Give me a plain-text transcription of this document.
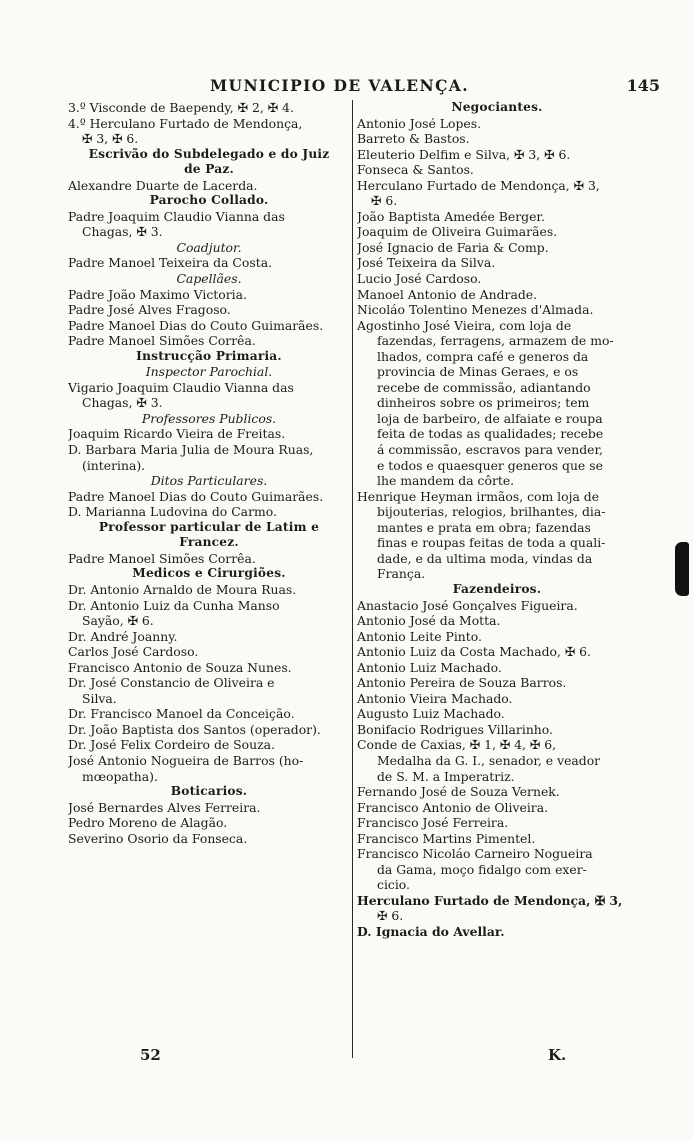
MUNICIPIO DE VALENÇA.	145
3.º Visconde de Baependy, ✠ 2, ✠ 4.
4.º Herculano Furtado de Mendonça,
✠ 3, ✠ 6.
Escrivão do Subdelegado e do Juiz
de Paz.
Alexandre Duarte de Lacerda.
Parocho Collado.
Padre Joaquim Claudio Vianna das
Chagas, ✠ 3.
Coadjutor.
Padre Manoel Teixeira da Costa.
Capellães.
Padre João Maximo Victoria.
Padre José Alves Fragoso.
Padre Manoel Dias do Couto Guimarães.
Padre Manoel Simões Corrêa.
Instrucção Primaria.
Inspector Parochial.
Vigario Joaquim Claudio Vianna das
Chagas, ✠ 3.
Professores Publicos.
Joaquim Ricardo Vieira de Freitas.
D. Barbara Maria Julia de Moura Ruas,
(interina).
Ditos Particulares.
Padre Manoel Dias do Couto Guimarães.
D. Marianna Ludovina do Carmo.
Professor particular de Latim e
Francez.
Padre Manoel Simões Corrêa.
Medicos e Cirurgiões.
Dr. Antonio Arnaldo de Moura Ruas.
Dr. Antonio Luiz da Cunha Manso
Sayão, ✠ 6.
Dr. André Joanny.
Carlos José Cardoso.
Francisco Antonio de Souza Nunes.
Dr. José Constancio de Oliveira e
Silva.
Dr. Francisco Manoel da Conceição.
Dr. João Baptista dos Santos (operador).
Dr. José Felix Cordeiro de Souza.
José Antonio Nogueira de Barros (ho-
mœopatha).
Boticarios.
José Bernardes Alves Ferreira.
Pedro Moreno de Alagão.
Severino Osorio da Fonseca.
Negociantes.
Antonio José Lopes.
Barreto & Bastos.
Eleuterio Delfim e Silva, ✠ 3, ✠ 6.
Fonseca & Santos.
Herculano Furtado de Mendonça, ✠ 3,
✠ 6.
João Baptista Amedée Berger.
Joaquim de Oliveira Guimarães.
José Ignacio de Faria & Comp.
José Teixeira da Silva.
Lucio José Cardoso.
Manoel Antonio de Andrade.
Nicoláo Tolentino Menezes d'Almada.
Agostinho José Vieira, com loja de
fazendas, ferragens, armazem de mo-
lhados, compra café e generos da
provincia de Minas Geraes, e os
recebe de commissão, adiantando
dinheiros sobre os primeiros; tem
loja de barbeiro, de alfaiate e roupa
feita de todas as qualidades; recebe
á commissão, escravos para vender,
e todos e quaesquer generos que se
lhe mandem da côrte.
Henrique Heyman irmãos, com loja de
bijouterias, relogios, brilhantes, dia-
mantes e prata em obra; fazendas
finas e roupas feitas de toda a quali-
dade, e da ultima moda, vindas da
França.
Fazendeiros.
Anastacio José Gonçalves Figueira.
Antonio José da Motta.
Antonio Leite Pinto.
Antonio Luiz da Costa Machado, ✠ 6.
Antonio Luiz Machado.
Antonio Pereira de Souza Barros.
Antonio Vieira Machado.
Augusto Luiz Machado.
Bonifacio Rodrigues Villarinho.
Conde de Caxias, ✠ 1, ✠ 4, ✠ 6,
Medalha da G. I., senador, e veador
de S. M. a Imperatriz.
Fernando José de Souza Vernek.
Francisco Antonio de Oliveira.
Francisco José Ferreira.
Francisco Martins Pimentel.
Francisco Nicoláo Carneiro Nogueira
da Gama, moço fidalgo com exer-
cicio.
Herculano Furtado de Mendonça, ✠ 3,
✠ 6.
D. Ignacia do Avellar.
52	K.
